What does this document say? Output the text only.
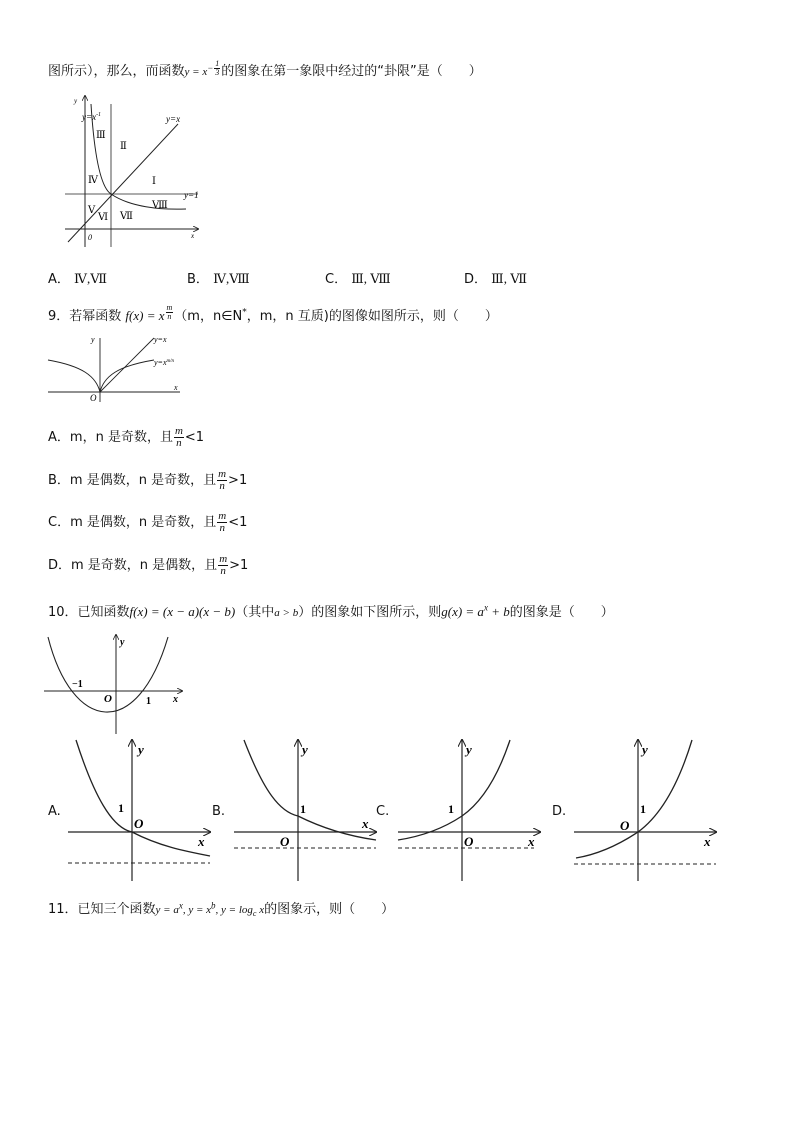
图所示），那么，而函数$y = x^{- \frac{1}{3}}$ 的图象在第一象限中经过的“卦限”是（　　）
$y=x^{-1}$	y=x
y=1
x
y
0
Ⅰ
Ⅱ
Ⅲ
Ⅳ
Ⅴ
Ⅵ Ⅶ
Ⅷ
A． Ⅳ,Ⅶ	B． Ⅳ,Ⅷ	C． Ⅲ, Ⅷ	D． Ⅲ, Ⅶ
9．若幂函数 f(x) = x $^{\frac{m}{n}}$ （m，n∈N*，m，n 互质)的图像如图所示，则（　　）
y=x
$y=x^{m/n}$
x
y
O
A．m，n 是奇数，且 $\frac{m}{n} <1$
B．m 是偶数，n 是奇数，且 $\frac{m}{n} >1$
C．m 是偶数，n 是奇数，且 $\frac{m}{n} <1$
D．m 是奇数，n 是偶数，且 $\frac{m}{n} >1$
10．已知函数f(x) = (x − a)(x − b)（其中a > b）的图象如下图所示，则$g(x) = a^x + b$的图象是（　　）
−1
1
O	x
y
A.	1
O
x
y
B.	1
O
x
y
C.	1
O	x
y
D.	1
O
x
y
11．已知三个函数$y = a^x$, $y = x^b$, $y = \log_c x$的图象示，则（　　）
